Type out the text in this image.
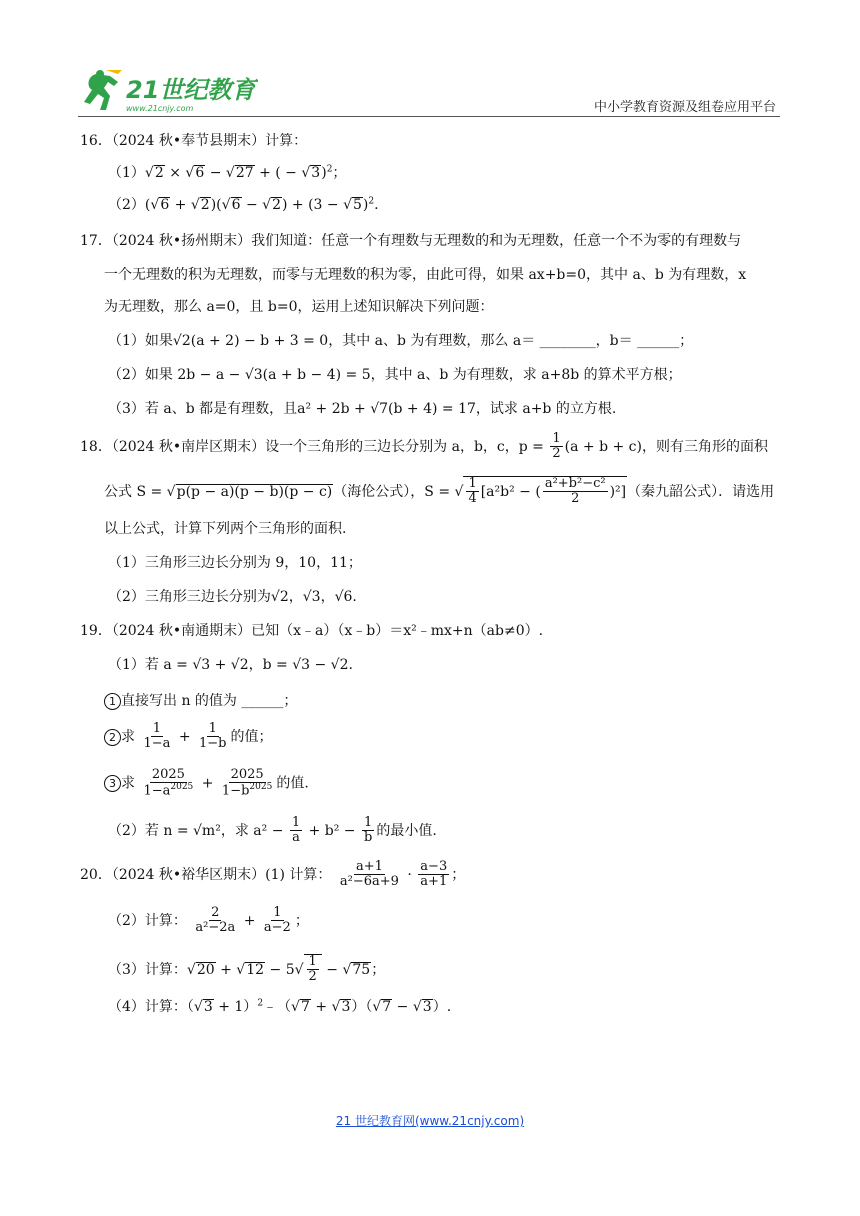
21世纪教育
www.21cnjy.com	中小学教育资源及组卷应用平台
16．（2024 秋•奉节县期末）计算：
（1）√2 × √6 − √27 + ( − √3)$^2$；
$(2)(√6 + √2)(√6 - √2) + (3 - √5)^2$.
17．（2024 秋•扬州期末）我们知道：任意一个有理数与无理数的和为无理数，任意一个不为零的有理数与
一个无理数的积为无理数，而零与无理数的积为零，由此可得，如果 ax+b=0，其中 a、b 为有理数，x
为无理数，那么 a=0，且 b=0，运用上述知识解决下列问题：
（1）如果√2(a + 2) − b + 3 = 0，其中 a、b 为有理数，那么 a＝ ________，b＝ ______；
（2）如果 2b − a − √3(a + b − 4) = 5，其中 a、b 为有理数，求 a+8b 的算术平方根；
（3）若 a、b 都是有理数，且a² + 2b + √7(b + 4) = 17，试求 a+b 的立方根.
18．（2024 秋•南岸区期末）设一个三角形的三边长分别为 a，b，c，$p = \frac{1}{2} (a + b + c)$，则有三角形的面积
公式 S = √p(p − a)(p − b)(p − c)（海伦公式），S = √ $\frac{1}{4} [a^2b^2$ − ( $\frac{\text{a²+b²−c²}}{2} )^2$]（秦九韶公式）．请选用
以上公式，计算下列两个三角形的面积.
（1）三角形三边长分别为 9，10，11；
（2）三角形三边长分别为√2，√3，√6.
19．（2024 秋•南通期末）已知（x﹣a）（x﹣b）＝x²﹣mx+n（ab≠0）.
（1）若 a = √3 + √2，b = √3 − √2.
1 直接写出 n 的值为 ______；
2 求 $\frac{1}{1-a} + \frac{1}{1-b}$ 的值；
3 求 $\frac{2025}{1-a^{2025}} + \frac{2025}{1-b^{2025}}$ 的值.
（2）若 n = √m²，求 $a^2 - \frac{1}{a} + b^2 - \frac{1}{b}$ 的最小值.
20．（2024 秋•裕华区期末）(1) 计算： $\frac{a+1}{\text{a²−6a+9}} \cdot \frac{a-3}{a+1}$ ；
（2）计算： $\frac{2}{\text{a²−2a}} + \frac{1}{a-2}$ ；
（3）计算：$√20 + √12 - 5√ \frac{1}{2} - √75$；
（4）计算：$(√3 + 1)^2﹣(√7 + √3)(√7 - √3)$.
21 世纪教育网(www.21cnjy.com)
